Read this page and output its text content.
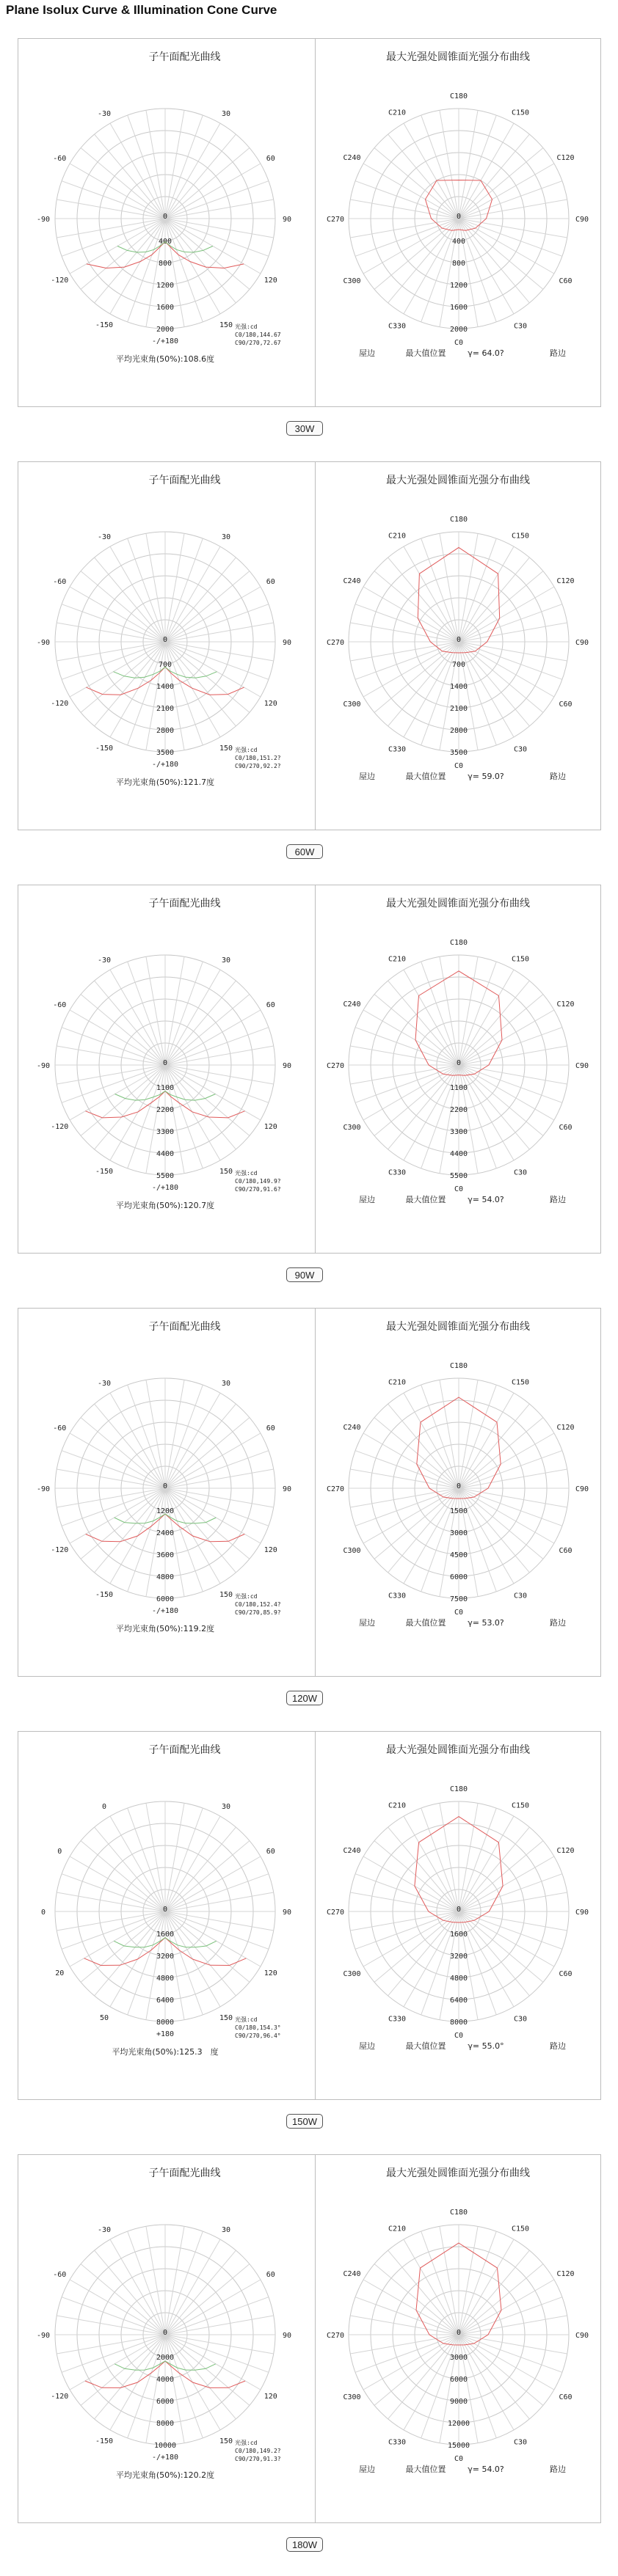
Plane Isolux Curve & Illumination Cone Curve
子午面配光曲线
-/+180
-150	150
-120	120
-90	90
-60	60
-30	30
0
400
800
1200
1600
2000	光强:cd
C0/180,144.67
C90/270,72.67
平均光束角(50%):108.6度
最大光强处圆锥面光强分布曲线
C180
C150
C210
C120
C240
C90
C270
C60
C300
C30
C330
C0
0
400
800
1200
1600
2000
屋边	最大值位置	γ= 64.0?	路边
30W
子午面配光曲线
-/+180
-150	150
-120	120
-90	90
-60	60
-30	30
0
700
1400
2100
2800
3500	光强:cd
C0/180,151.2?
C90/270,92.2?
平均光束角(50%):121.7度
最大光强处圆锥面光强分布曲线
C180
C150
C210
C120
C240
C90
C270
C60
C300
C30
C330
C0
0
700
1400
2100
2800
3500
屋边	最大值位置	γ= 59.0?	路边
60W
子午面配光曲线
-/+180
-150	150
-120	120
-90	90
-60	60
-30	30
0
1100
2200
3300
4400
5500	光强:cd
C0/180,149.9?
C90/270,91.6?
平均光束角(50%):120.7度
最大光强处圆锥面光强分布曲线
C180
C150
C210
C120
C240
C90
C270
C60
C300
C30
C330
C0
0
1100
2200
3300
4400
5500
屋边	最大值位置	γ= 54.0?	路边
90W
子午面配光曲线
-/+180
-150	150
-120	120
-90	90
-60	60
-30	30
0
1200
2400
3600
4800
6000	光强:cd
C0/180,152.4?
C90/270,85.9?
平均光束角(50%):119.2度
最大光强处圆锥面光强分布曲线
C180
C150
C210
C120
C240
C90
C270
C60
C300
C30
C330
C0
0
1500
3000
4500
6000
7500
屋边	最大值位置	γ= 53.0?	路边
120W
子午面配光曲线
+180
50	150
20	120
0	90
0	60
0	30
0
1600
3200
4800
6400
8000	光强:cd
C0/180,154.3°
C90/270,96.4°
平均光束角(50%):125.3　度
最大光强处圆锥面光强分布曲线
C180
C150
C210
C120
C240
C90
C270
C60
C300
C30
C330
C0
0
1600
3200
4800
6400
8000
屋边	最大值位置	γ= 55.0°	路边
150W
子午面配光曲线
-/+180
-150	150
-120	120
-90	90
-60	60
-30	30
0
2000
4000
6000
8000
10000	光强:cd
C0/180,149.2?
C90/270,91.3?
平均光束角(50%):120.2度
最大光强处圆锥面光强分布曲线
C180
C150
C210
C120
C240
C90
C270
C60
C300
C30
C330
C0
0
3000
6000
9000
12000
15000
屋边	最大值位置	γ= 54.0?	路边
180W
